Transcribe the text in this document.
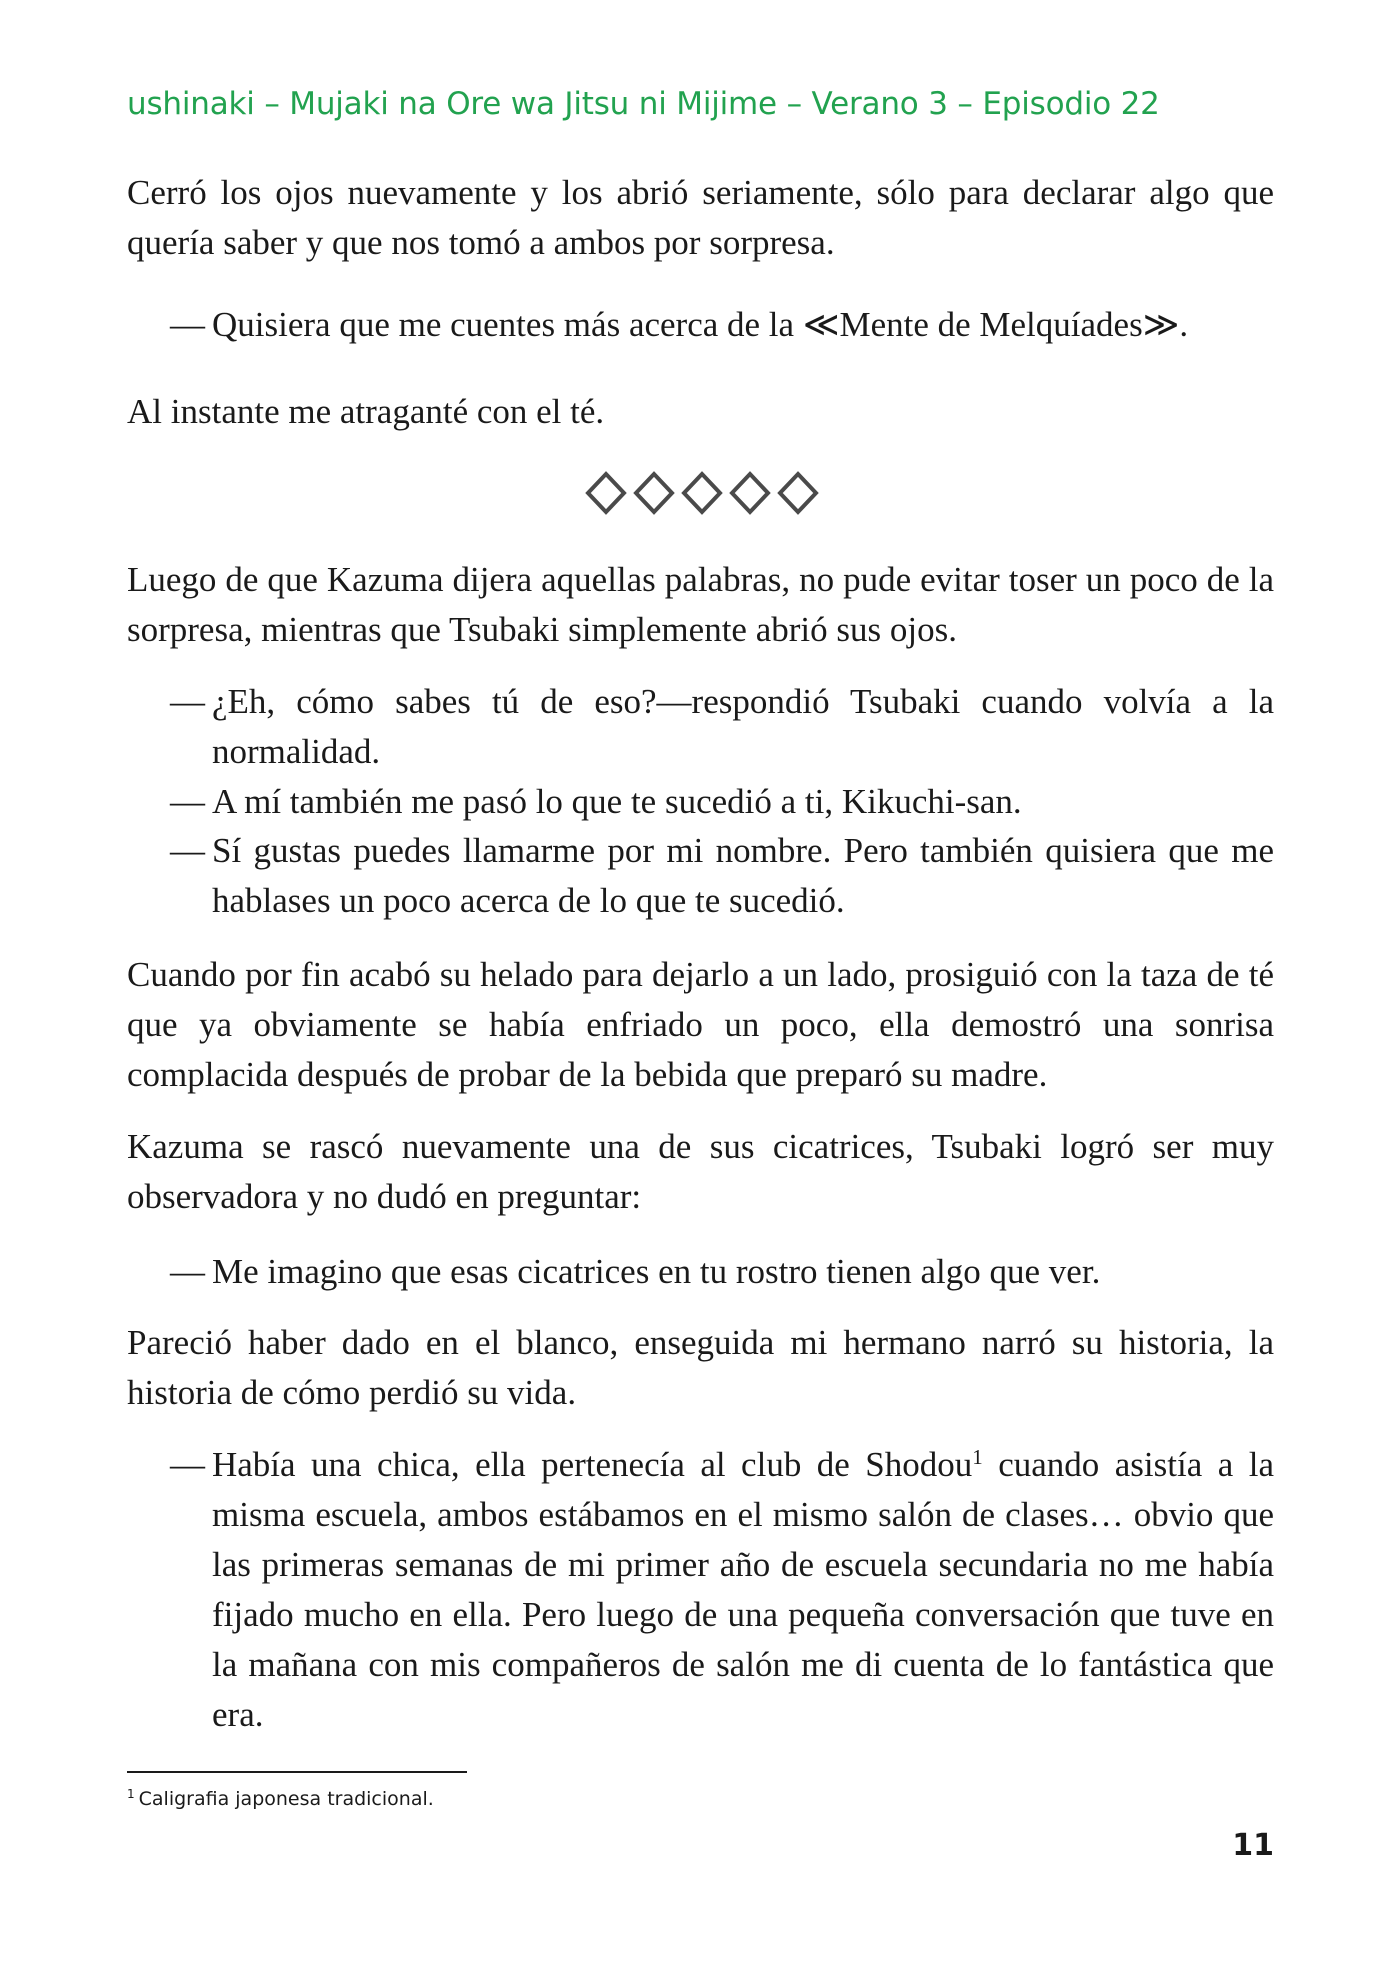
ushinaki – Mujaki na Ore wa Jitsu ni Mijime – Verano 3 – Episodio 22

Cerró los ojos nuevamente y los abrió seriamente, sólo para declarar algo que quería saber y que nos tomó a ambos por sorpresa.

— Quisiera que me cuentes más acerca de la ≪Mente de Melquíades≫.

Al instante me atraganté con el té.

Luego de que Kazuma dijera aquellas palabras, no pude evitar toser un poco de la sorpresa, mientras que Tsubaki simplemente abrió sus ojos.

— ¿Eh, cómo sabes tú de eso?—respondió Tsubaki cuando volvía a la normalidad.
— A mí también me pasó lo que te sucedió a ti, Kikuchi-san.
— Sí gustas puedes llamarme por mi nombre. Pero también quisiera que me hablases un poco acerca de lo que te sucedió.

Cuando por fin acabó su helado para dejarlo a un lado, prosiguió con la taza de té que ya obviamente se había enfriado un poco, ella demostró una sonrisa complacida después de probar de la bebida que preparó su madre.

Kazuma se rascó nuevamente una de sus cicatrices, Tsubaki logró ser muy observadora y no dudó en preguntar:

— Me imagino que esas cicatrices en tu rostro tienen algo que ver.

Pareció haber dado en el blanco, enseguida mi hermano narró su historia, la historia de cómo perdió su vida.

— Había una chica, ella pertenecía al club de Shodou$^1$ cuando asistía a la misma escuela, ambos estábamos en el mismo salón de clases… obvio que las primeras semanas de mi primer año de escuela secundaria no me había fijado mucho en ella. Pero luego de una pequeña conversación que tuve en la mañana con mis compañeros de salón me di cuenta de lo fantástica que era.
$^1$ Caligrafia japonesa tradicional.
11
